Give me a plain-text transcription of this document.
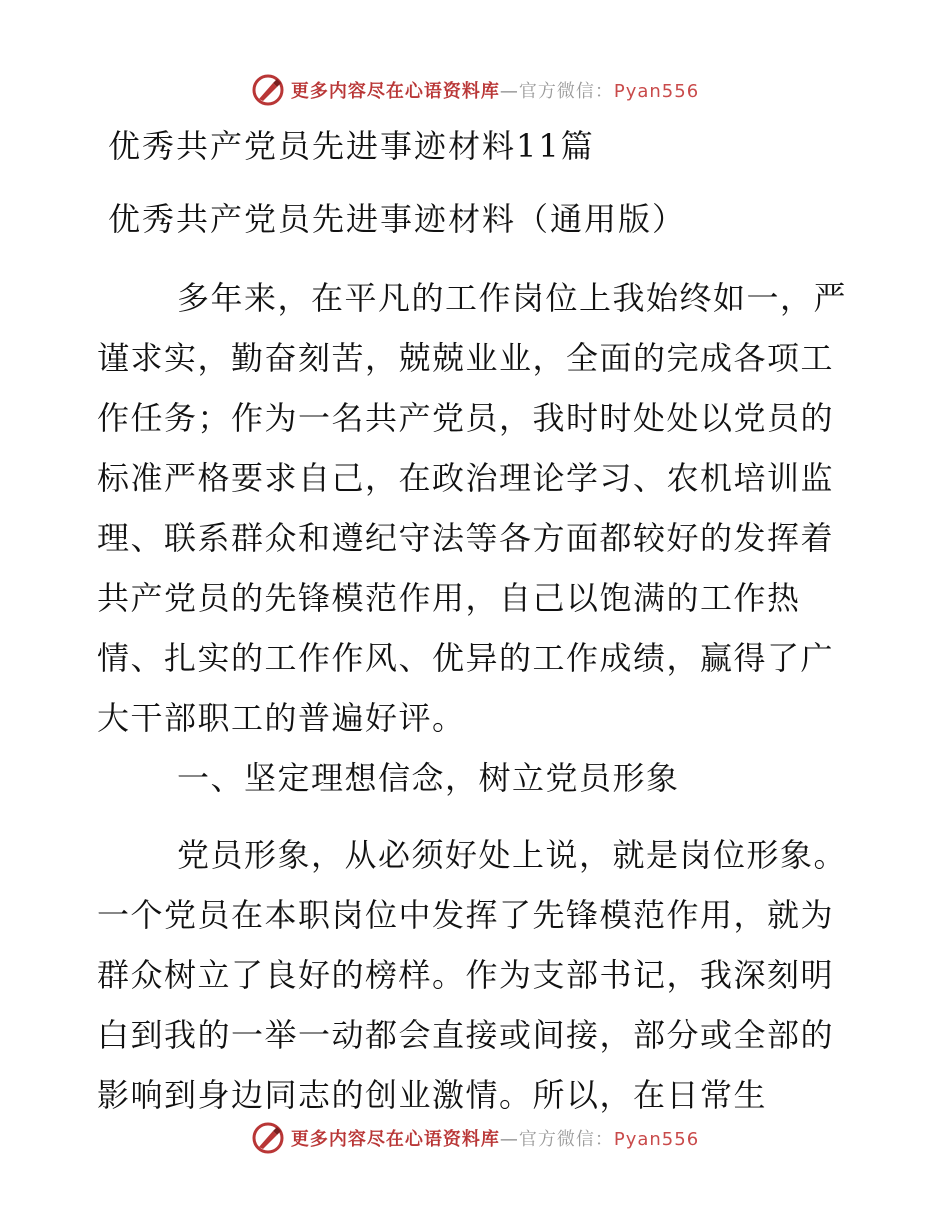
更多内容尽在心语资料库—官方微信：Pyan556
优秀共产党员先进事迹材料11篇
优秀共产党员先进事迹材料（通用版）

多年来，在平凡的工作岗位上我始终如一，严谨求实，勤奋刻苦，兢兢业业，全面的完成各项工作任务；作为一名共产党员，我时时处处以党员的标准严格要求自己，在政治理论学习、农机培训监理、联系群众和遵纪守法等各方面都较好的发挥着共产党员的先锋模范作用，自己以饱满的工作热情、扎实的工作作风、优异的工作成绩，赢得了广大干部职工的普遍好评。

一、坚定理想信念，树立党员形象

党员形象，从必须好处上说，就是岗位形象。一个党员在本职岗位中发挥了先锋模范作用，就为群众树立了良好的榜样。作为支部书记，我深刻明白到我的一举一动都会直接或间接，部分或全部的影响到身边同志的创业激情。所以，在日常生

更多内容尽在心语资料库—官方微信：Pyan556
